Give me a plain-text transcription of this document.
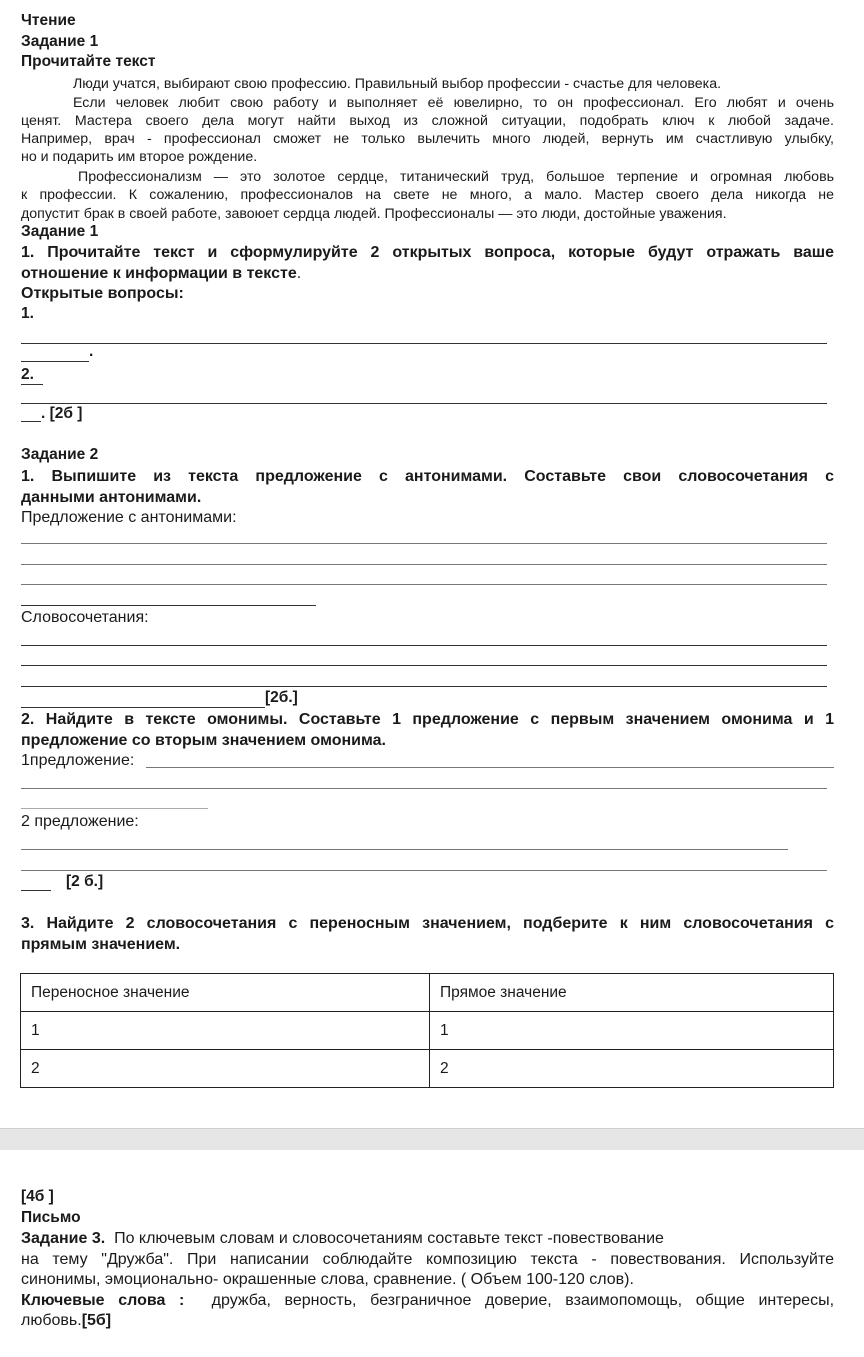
Чтение
Задание 1
Прочитайте текст
Люди учатся, выбирают свою профессию. Правильный выбор профессии - счастье для человека.
Если человек любит свою работу и выполняет её ювелирно, то он профессионал. Его любят и очень
ценят. Мастера своего дела могут найти выход из сложной ситуации, подобрать ключ к любой задаче.
Например, врач - профессионал сможет не только вылечить много людей, вернуть им счастливую улыбку,
но и подарить им второе рождение.
Профессионализм — это золотое сердце, титанический труд, большое терпение и огромная любовь
к профессии. К сожалению, профессионалов на свете не много, а мало. Мастер своего дела никогда не
допустит брак в своей работе, завоюет сердца людей. Профессионалы — это люди, достойные уважения.
Задание 1
1. Прочитайте текст и сформулируйте 2 открытых вопроса, которые будут отражать ваше
отношение к информации в тексте.
Открытые вопросы:
1.
.
2.
. [2б ]
Задание 2
1. Выпишите из текста предложение с антонимами. Составьте свои словосочетания с
данными антонимами.
Предложение с антонимами:
Словосочетания:
[2б.]
2. Найдите в тексте омонимы. Составьте 1 предложение с первым значением омонима и 1
предложение со вторым значением омонима.
1предложение:
2 предложение:
[2 б.]
3. Найдите 2 словосочетания с переносным значением, подберите к ним словосочетания с
прямым значением.
Переносное значение	Прямое значение
1	1
2	2
[4б ]
Письмо
Задание 3. По ключевым словам и словосочетаниям составьте текст -повествование
на тему "Дружба". При написании соблюдайте композицию текста - повествования. Используйте
синонимы, эмоционально- окрашенные слова, сравнение. ( Объем 100-120 слов).
Ключевые слова : дружба, верность, безграничное доверие, взаимопомощь, общие интересы,
любовь.[5б]
